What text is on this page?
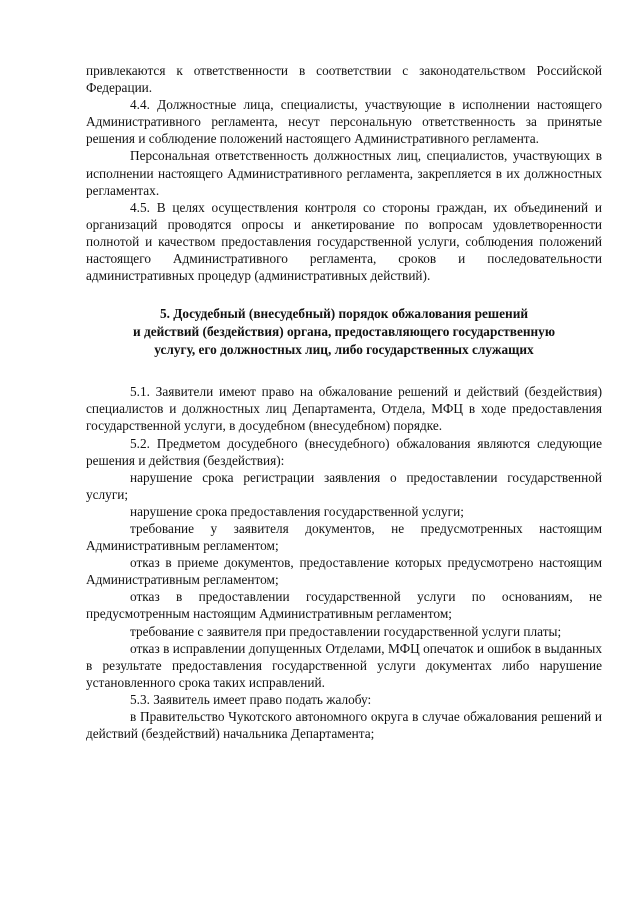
привлекаются к ответственности в соответствии с законодательством Российской Федерации.

4.4. Должностные лица, специалисты, участвующие в исполнении настоящего Административного регламента, несут персональную ответственность за принятые решения и соблюдение положений настоящего Административного регламента.

Персональная ответственность должностных лиц, специалистов, участвующих в исполнении настоящего Административного регламента, закрепляется в их должностных регламентах.

4.5. В целях осуществления контроля со стороны граждан, их объединений и организаций проводятся опросы и анкетирование по вопросам удовлетворенности полнотой и качеством предоставления государственной услуги, соблюдения положений настоящего Административного регламента, сроков и последовательности административных процедур (административных действий).

5. Досудебный (внесудебный) порядок обжалования решений
и действий (бездействия) органа, предоставляющего государственную
услугу, его должностных лиц, либо государственных служащих

5.1. Заявители имеют право на обжалование решений и действий (бездействия) специалистов и должностных лиц Департамента, Отдела, МФЦ в ходе предоставления государственной услуги, в досудебном (внесудебном) порядке.

5.2. Предметом досудебного (внесудебного) обжалования являются следующие решения и действия (бездействия):

нарушение срока регистрации заявления о предоставлении государственной услуги;

нарушение срока предоставления государственной услуги;

требование у заявителя документов, не предусмотренных настоящим Административным регламентом;

отказ в приеме документов, предоставление которых предусмотрено настоящим Административным регламентом;

отказ в предоставлении государственной услуги по основаниям, не предусмотренным настоящим Административным регламентом;

требование с заявителя при предоставлении государственной услуги платы;

отказ в исправлении допущенных Отделами, МФЦ опечаток и ошибок в выданных в результате предоставления государственной услуги документах либо нарушение установленного срока таких исправлений.

5.3. Заявитель имеет право подать жалобу:

в Правительство Чукотского автономного округа в случае обжалования решений и действий (бездействий) начальника Департамента;
